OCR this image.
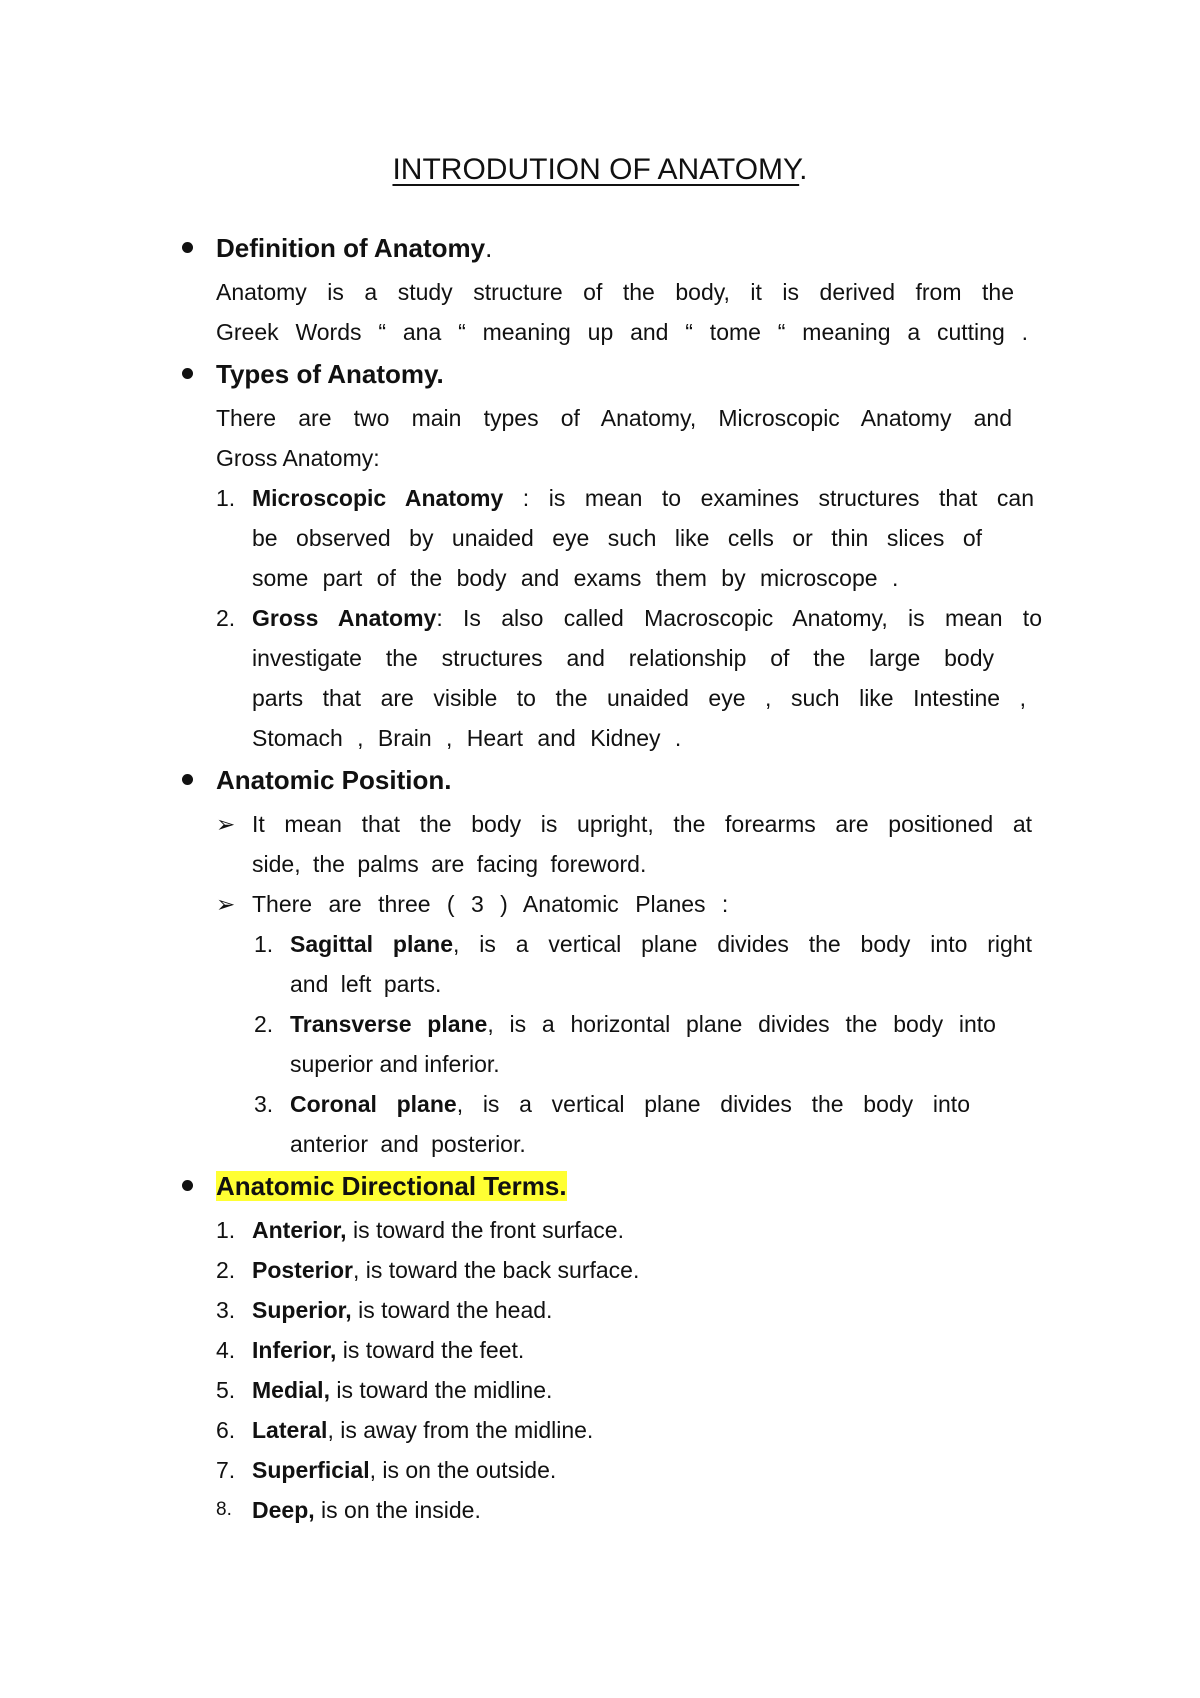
INTRODUTION OF ANATOMY.
Definition of Anatomy.
Anatomy is a study structure of the body, it is derived from the
Greek Words “ ana “ meaning up and “ tome “ meaning a cutting .
Types of Anatomy.
There are two main types of Anatomy, Microscopic Anatomy and
Gross Anatomy:
1. Microscopic Anatomy : is mean to examines structures that can
be observed by unaided eye such like cells or thin slices of
some part of the body and exams them by microscope .
2. Gross Anatomy: Is also called Macroscopic Anatomy, is mean to
investigate the structures and relationship of the large body
parts that are visible to the unaided eye , such like Intestine ,
Stomach , Brain , Heart and Kidney .
Anatomic Position.
➢ It mean that the body is upright, the forearms are positioned at
side, the palms are facing foreword.
➢ There are three ( 3 ) Anatomic Planes :
1. Sagittal plane, is a vertical plane divides the body into right
and left parts.
2. Transverse plane, is a horizontal plane divides the body into
superior and inferior.
3. Coronal plane, is a vertical plane divides the body into
anterior and posterior.
Anatomic Directional Terms.
1. Anterior, is toward the front surface.
2. Posterior, is toward the back surface.
3. Superior, is toward the head.
4. Inferior, is toward the feet.
5. Medial, is toward the midline.
6. Lateral, is away from the midline.
7. Superficial, is on the outside.
8. Deep, is on the inside.
